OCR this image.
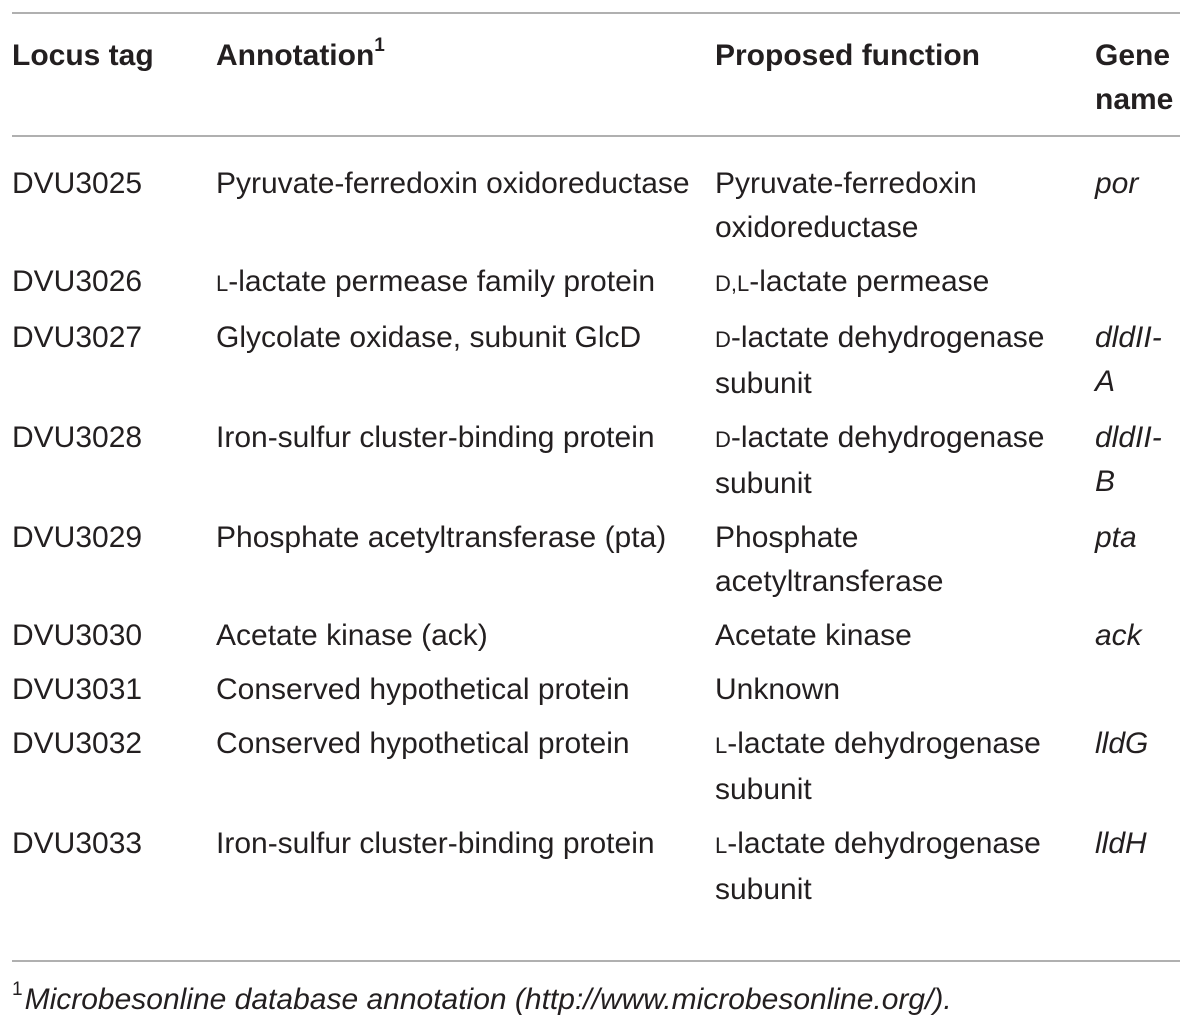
Locus tag	Annotation$^1$	Proposed function	Gene name
DVU3025	Pyruvate-ferredoxin oxidoreductase	Pyruvate-ferredoxin oxidoreductase	por
DVU3026	L-lactate permease family protein	D,L-lactate permease	
DVU3027	Glycolate oxidase, subunit GlcD	D-lactate dehydrogenase subunit	dldII-A
DVU3028	Iron-sulfur cluster-binding protein	D-lactate dehydrogenase subunit	dldII-B
DVU3029	Phosphate acetyltransferase (pta)	Phosphate acetyltransferase	pta
DVU3030	Acetate kinase (ack)	Acetate kinase	ack
DVU3031	Conserved hypothetical protein	Unknown	
DVU3032	Conserved hypothetical protein	L-lactate dehydrogenase subunit	lldG
DVU3033	Iron-sulfur cluster-binding protein	L-lactate dehydrogenase subunit	lldH
$^1$Microbesonline database annotation (http://www.microbesonline.org/).
